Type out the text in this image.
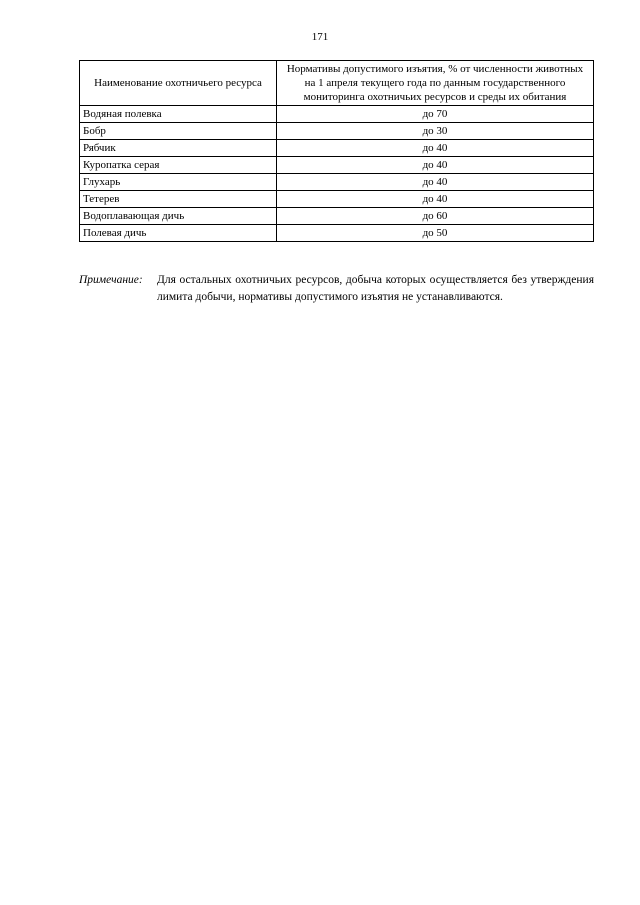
171
Наименование охотничьего ресурса	Нормативы допустимого изъятия, % от численности животных на 1 апреля текущего года по данным государственного мониторинга охотничьих ресурсов и среды их обитания
Водяная полевка	до 70
Бобр	до 30
Рябчик	до 40
Куропатка серая	до 40
Глухарь	до 40
Тетерев	до 40
Водоплавающая дичь	до 60
Полевая дичь	до 50
Примечание: Для остальных охотничьих ресурсов, добыча которых осуществляется без утверждения лимита добычи, нормативы допустимого изъятия не устанавливаются.
